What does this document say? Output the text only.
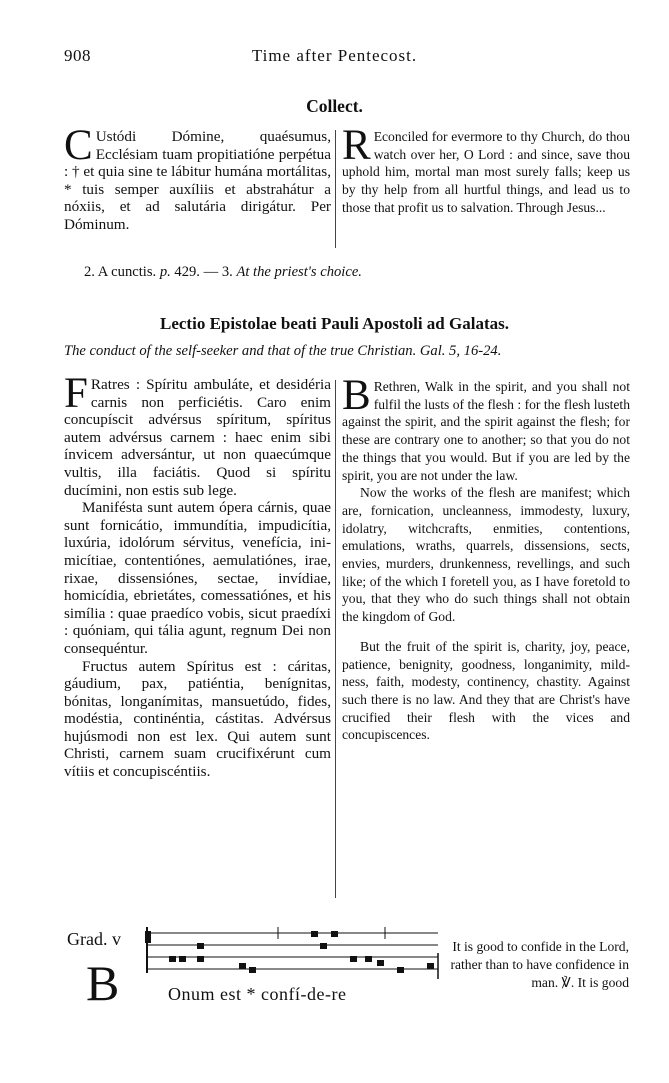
908	Time after Pentecost.
Collect.
C Ustódi Dómine, quaésumus, Ecclésiam tuam propitiatióne perpétua : † et quia sine te lábitur humána mortálitas, * tuis semper auxíliis et abstrahátur a nóxiis, et ad salutária dirigátur. Per Dóminum.
R Econciled for evermore to thy Church, do thou watch over her, O Lord : and since, save thou uphold him, mortal man most surely falls; keep us by thy help from all hurtful things, and lead us to those that profit us to salvation. Through Jesus...
2. A cunctis. p. 429. — 3. At the priest's choice.
Lectio Epistolae beati Pauli Apostoli ad Galatas.
The conduct of the self-seeker and that of the true Christian. Gal. 5, 16-24.

F Ratres : Spíritu ambuláte, et desidéria carnis non perficiétis. Caro enim concupíscit advérsus spíritum, spíritus autem advérsus carnem : haec enim sibi ínvicem adversántur, ut non quaecúmque vultis, illa faciátis. Quod si spíritu ducímini, non estis sub lege.

Manifésta sunt autem ópera cárnis, quae sunt fornicátio, immundítia, impudicítia, luxúria, idolórum sérvitus, venefícia, inimicítiae, contentiónes, aemulatiónes, irae, rixae, dissensiónes, sectae, invídiae, homicídia, ebrietátes, comessatiónes, et his simília : quae praedíco vobis, sicut praedíxi : quóniam, qui tália agunt, regnum Dei non consequéntur.

Fructus autem Spíritus est : cáritas, gáudium, pax, patiéntia, benígnitas, bónitas, longanímitas, mansuetúdo, fides, modéstia, continéntia, cástitas. Advérsus hujúsmodi non est lex. Qui autem sunt Christi, carnem suam crucifixérunt cum vítiis et concupiscéntiis.

B Rethren, Walk in the spirit, and you shall not fulfil the lusts of the flesh : for the flesh lusteth against the spirit, and the spirit against the flesh; for these are contrary one to another; so that you do not the things that you would. But if you are led by the spirit, you are not under the law.

Now the works of the flesh are manifest; which are, fornication, uncleanness, immodesty, luxury, idolatry, witchcrafts, enmities, contentions, emulations, wraths, quarrels, dissensions, sects, envies, murders, drunkenness, revellings, and such like; of the which I foretell you, as I have foretold to you, that they who do such things shall not obtain the kingdom of God.

But the fruit of the spirit is, charity, joy, peace, patience, benignity, goodness, longanimity, mildness, faith, modesty, continency, chastity. Against such there is no law. And they that are Christ's have crucified their flesh with the vices and concupiscences.

Grad. v
B	Onum est * confí-de-re
It is good to confide in the Lord, rather than to have confidence in man. ℣. It is good
